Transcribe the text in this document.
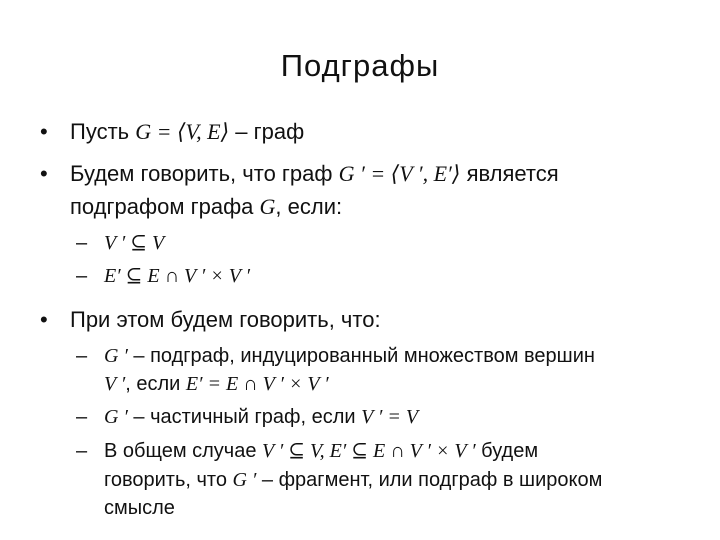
Подграфы
• Пусть G = ⟨V, E⟩ – граф
• Будем говорить, что граф G ′ = ⟨V ′, E′⟩ является
подграфом графа G, если:
– V ′ ⊆ V
– E′ ⊆ E ∩ V ′ × V ′
• При этом будем говорить, что:
– G ′ – подграф, индуцированный множеством вершин
V ′, если E′ = E ∩ V ′ × V ′
– G ′ – частичный граф, если V ′ = V
– В общем случае V ′ ⊆ V, E′ ⊆ E ∩ V ′ × V ′ будем
говорить, что G ′ – фрагмент, или подграф в широком
смысле
